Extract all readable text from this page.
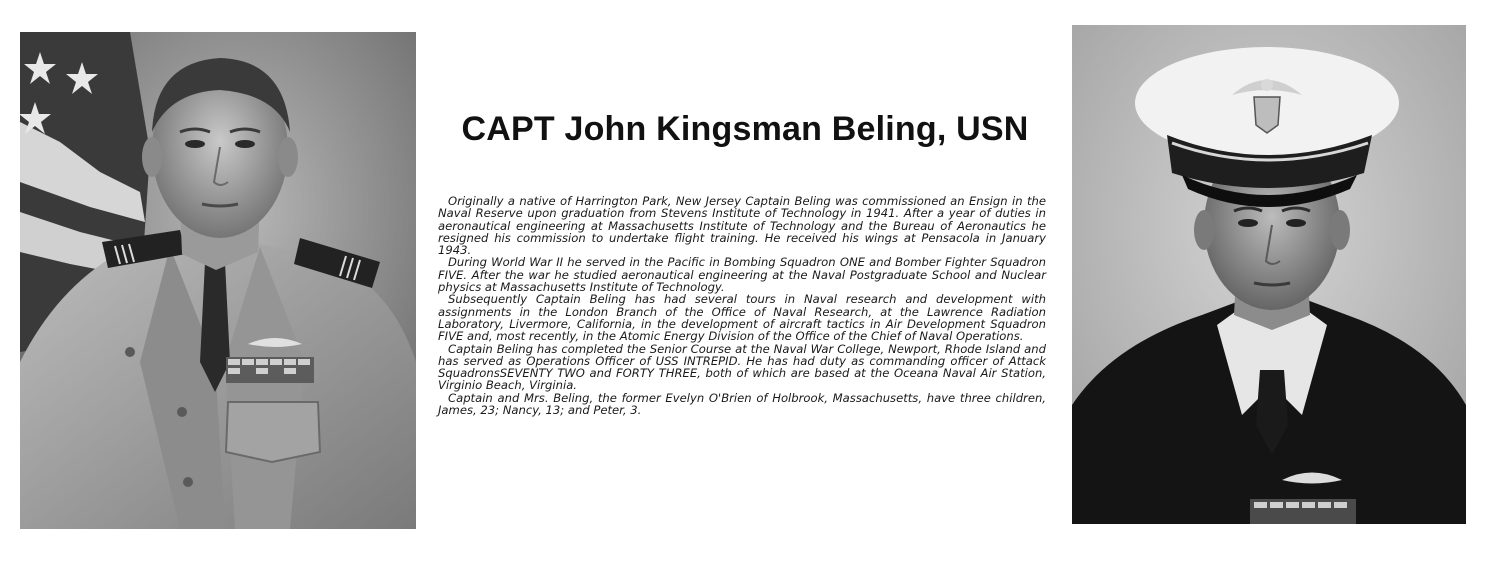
CAPT John Kingsman Beling, USN

Originally a native of Harrington Park, New Jersey Captain Beling was commissioned an Ensign in the Naval Reserve upon graduation from Stevens Institute of Technology in 1941. After a year of duties in aeronautical engineering at Massachusetts Institute of Technology and the Bureau of Aeronautics he resigned his commission to undertake flight training. He received his wings at Pensacola in January 1943.

During World War II he served in the Pacific in Bombing Squadron ONE and Bomber Fighter Squadron FIVE. After the war he studied aeronautical engineering at the Naval Postgraduate School and Nuclear physics at Massachusetts Institute of Technology.

Subsequently Captain Beling has had several tours in Naval research and development with assignments in the London Branch of the Office of Naval Research, at the Lawrence Radiation Laboratory, Livermore, California, in the development of aircraft tactics in Air Development Squadron FIVE and, most recently, in the Atomic Energy Division of the Office of the Chief of Naval Operations.

Captain Beling has completed the Senior Course at the Naval War College, Newport, Rhode Island and has served as Operations Officer of USS INTREPID. He has had duty as commanding officer of Attack SquadronsSEVENTY TWO and FORTY THREE, both of which are based at the Oceana Naval Air Station, Virginio Beach, Virginia.

Captain and Mrs. Beling, the former Evelyn O'Brien of Holbrook, Massachusetts, have three children, James, 23; Nancy, 13; and Peter, 3.
